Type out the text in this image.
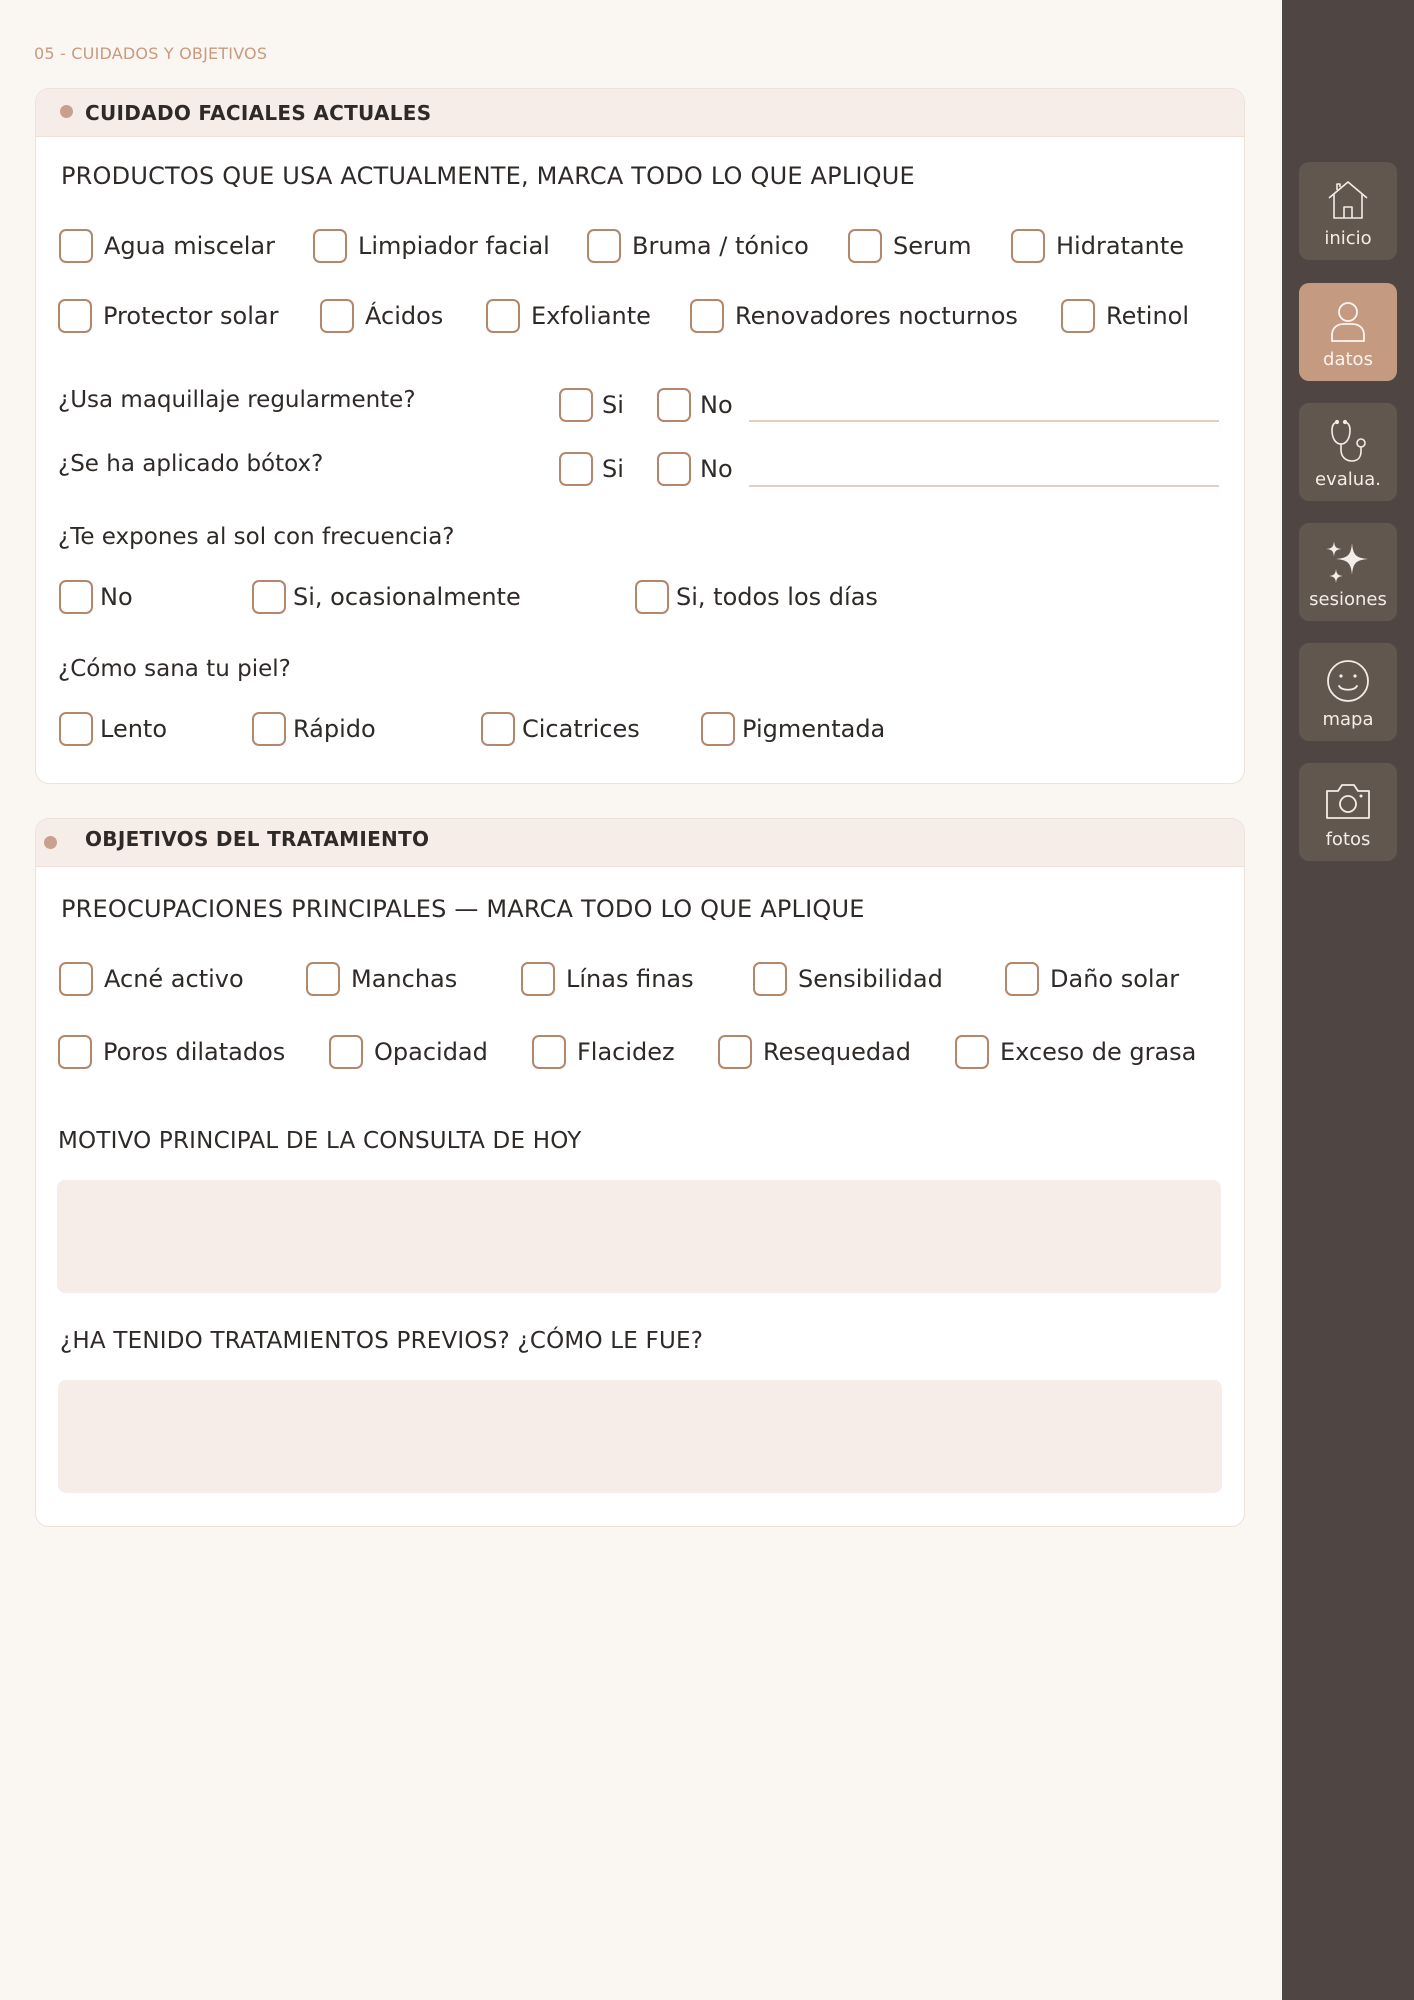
05 - CUIDADOS Y OBJETIVOS
CUIDADO FACIALES ACTUALES
PRODUCTOS QUE USA ACTUALMENTE, MARCA TODO LO QUE APLIQUE
Agua miscelar	Limpiador facial	Bruma / tónico	Serum	Hidratante
Protector solar	Ácidos	Exfoliante	Renovadores nocturnos	Retinol
¿Usa maquillaje regularmente?	Si	No
¿Se ha aplicado bótox?	Si	No
¿Te expones al sol con frecuencia?
No	Si, ocasionalmente	Si, todos los días
¿Cómo sana tu piel?
Lento	Rápido	Cicatrices	Pigmentada
OBJETIVOS DEL TRATAMIENTO
PREOCUPACIONES PRINCIPALES — MARCA TODO LO QUE APLIQUE
Acné activo	Manchas	Línas finas	Sensibilidad	Daño solar
Poros dilatados	Opacidad	Flacidez	Resequedad	Exceso de grasa
MOTIVO PRINCIPAL DE LA CONSULTA DE HOY
¿HA TENIDO TRATAMIENTOS PREVIOS? ¿CÓMO LE FUE?
inicio
datos
evalua.
sesiones
mapa
fotos
